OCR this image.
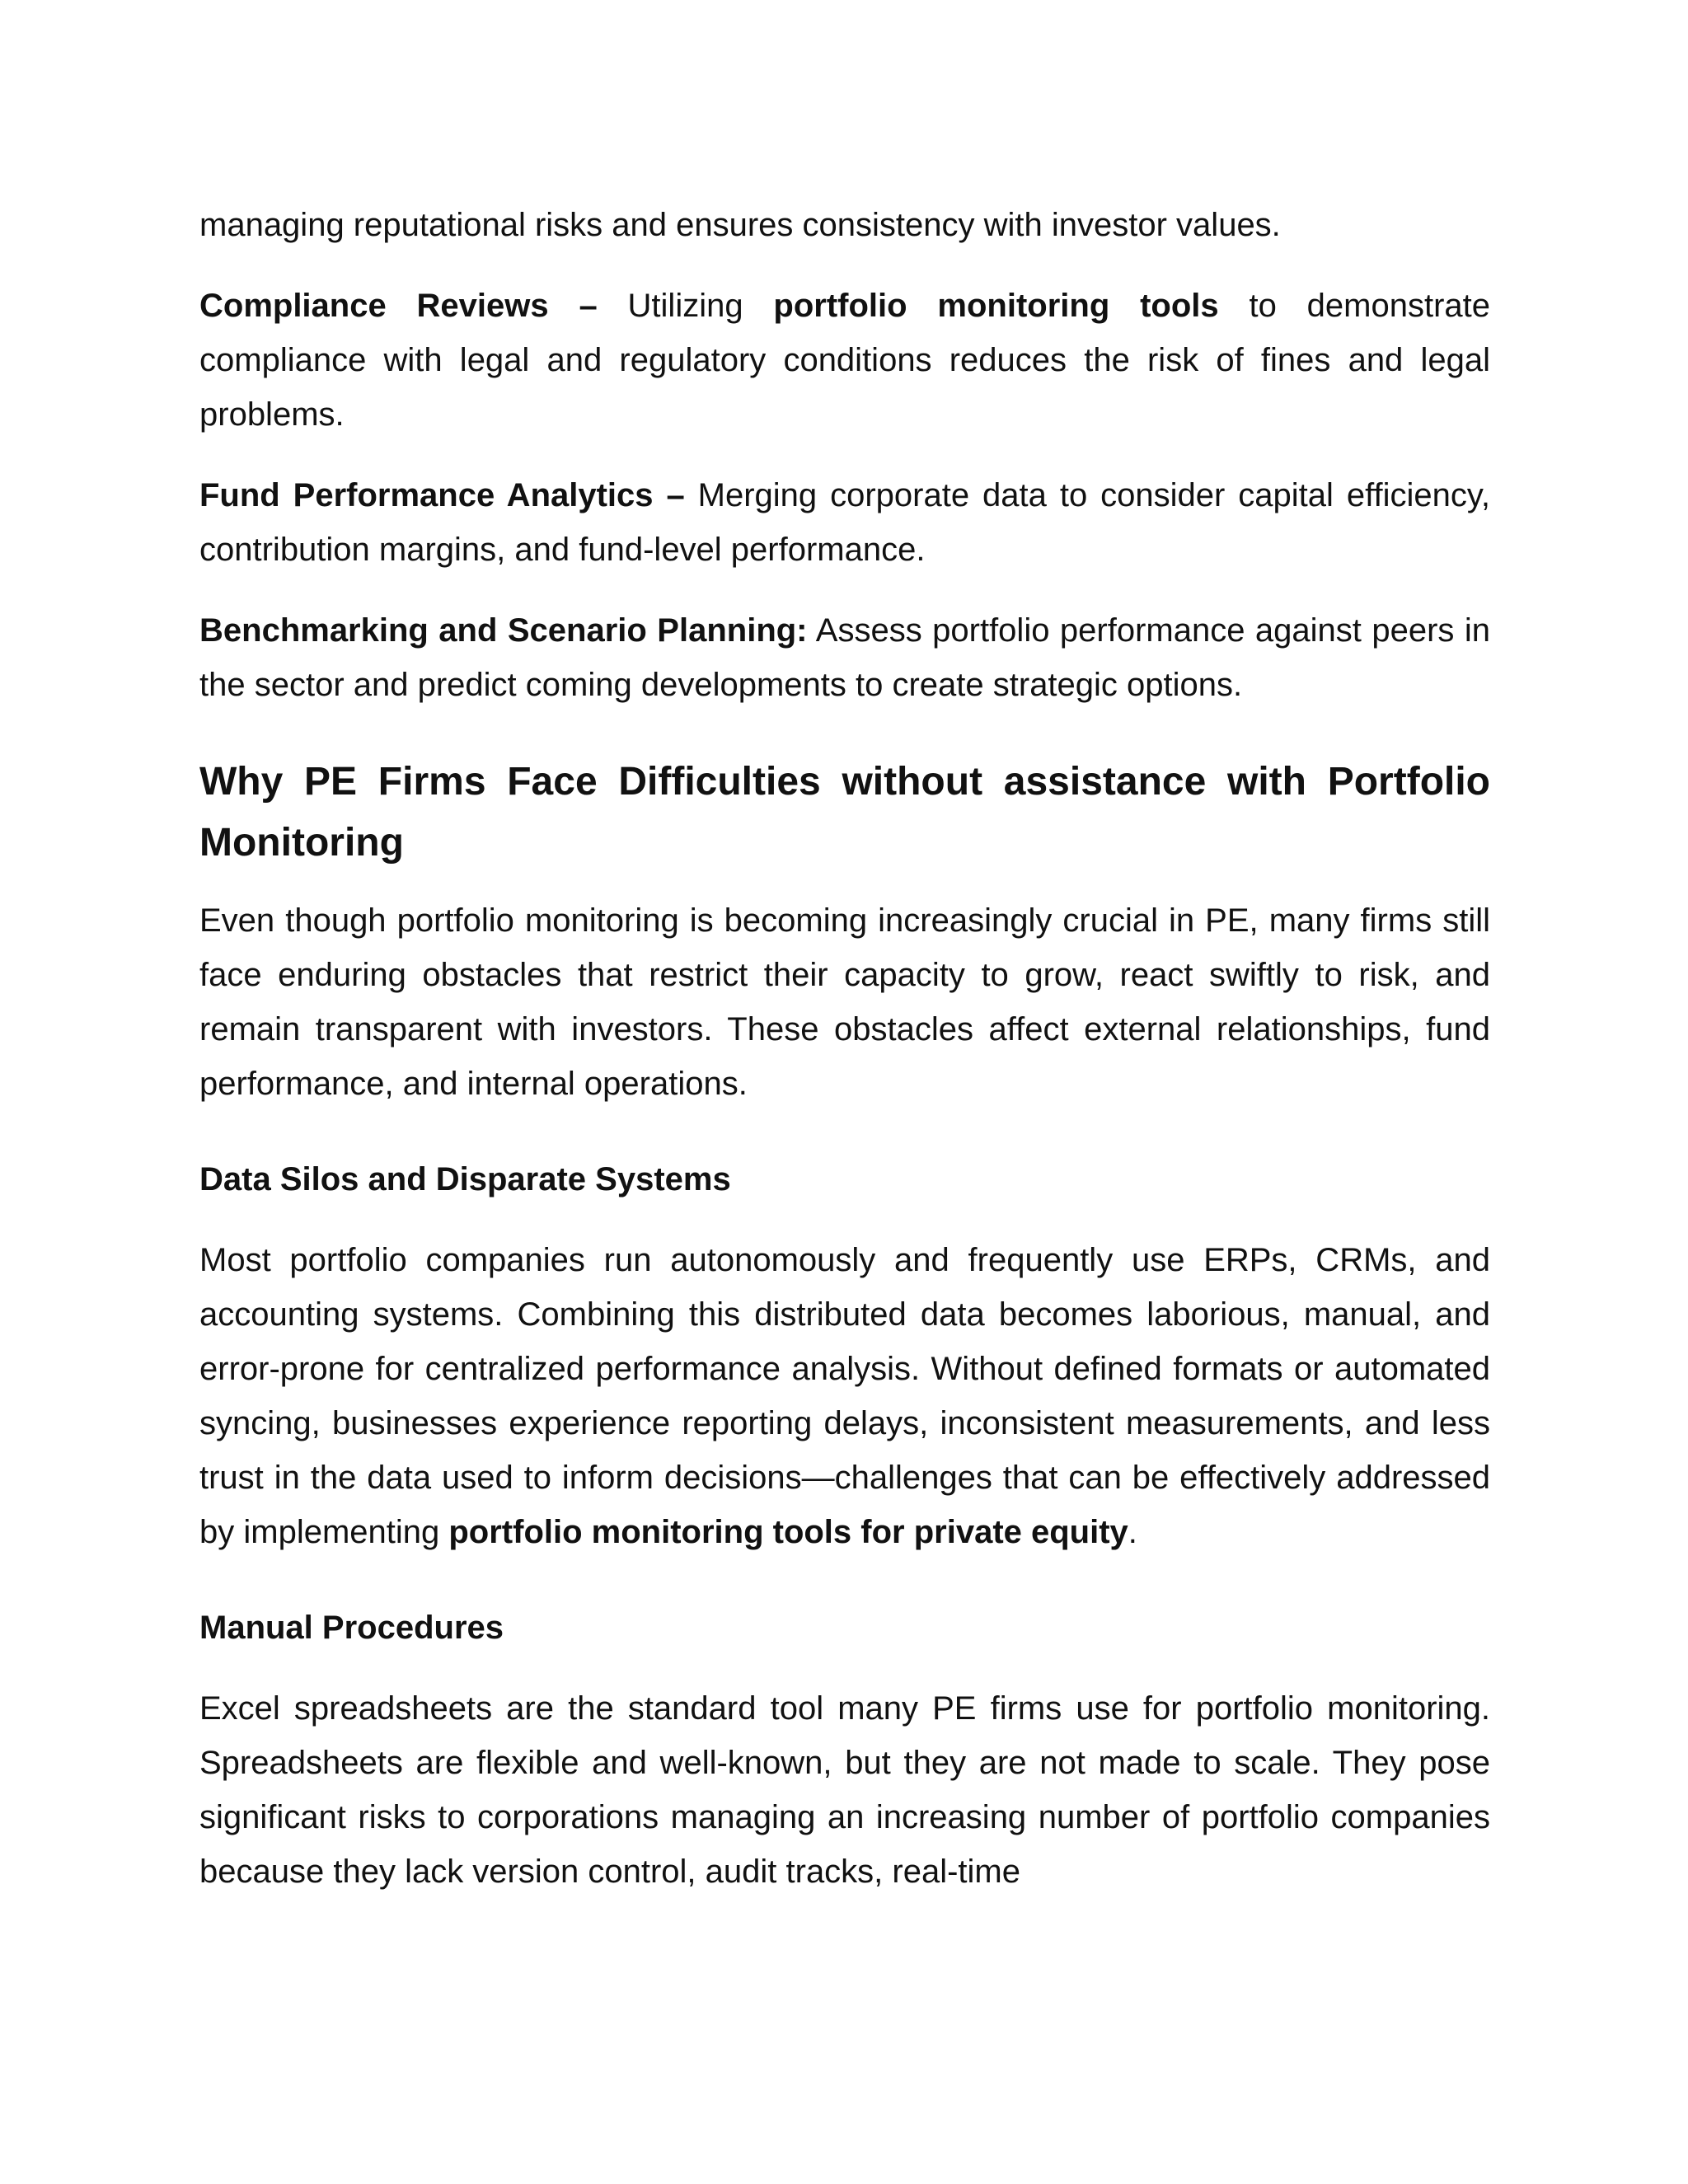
managing reputational risks and ensures consistency with investor values.

Compliance Reviews – Utilizing portfolio monitoring tools to demonstrate compliance with legal and regulatory conditions reduces the risk of fines and legal problems.

Fund Performance Analytics – Merging corporate data to consider capital efficiency, contribution margins, and fund-level performance.

Benchmarking and Scenario Planning: Assess portfolio performance against peers in the sector and predict coming developments to create strategic options.

Why PE Firms Face Difficulties without assistance with Portfolio Monitoring

Even though portfolio monitoring is becoming increasingly crucial in PE, many firms still face enduring obstacles that restrict their capacity to grow, react swiftly to risk, and remain transparent with investors. These obstacles affect external relationships, fund performance, and internal operations.

Data Silos and Disparate Systems

Most portfolio companies run autonomously and frequently use ERPs, CRMs, and accounting systems. Combining this distributed data becomes laborious, manual, and error-prone for centralized performance analysis. Without defined formats or automated syncing, businesses experience reporting delays, inconsistent measurements, and less trust in the data used to inform decisions—challenges that can be effectively addressed by implementing portfolio monitoring tools for private equity.

Manual Procedures

Excel spreadsheets are the standard tool many PE firms use for portfolio monitoring. Spreadsheets are flexible and well-known, but they are not made to scale. They pose significant risks to corporations managing an increasing number of portfolio companies because they lack version control, audit tracks, real-time
